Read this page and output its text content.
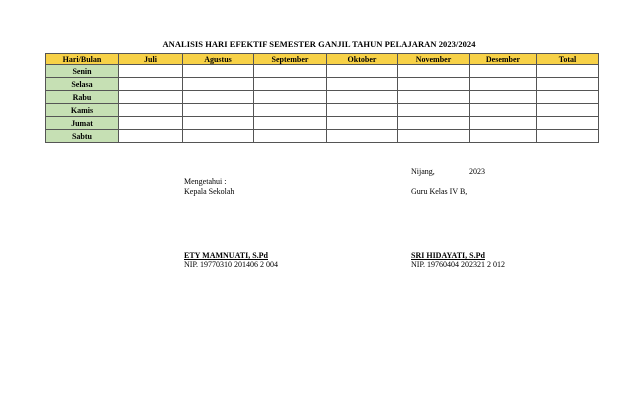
ANALISIS HARI EFEKTIF SEMESTER GANJIL TAHUN PELAJARAN 2023/2024
Hari/Bulan	Juli	Agustus	September	Oktober	November	Desember	Total
Senin							
Selasa							
Rabu							
Kamis							
Jumat							
Sabtu							
Nijang,	2023
Mengetahui :
Kepala Sekolah
ETY MAMNUATI, S.Pd
NIP. 19770310 201406 2 004
Guru Kelas IV B,
SRI HIDAYATI, S.Pd
NIP. 19760404 202321 2 012
